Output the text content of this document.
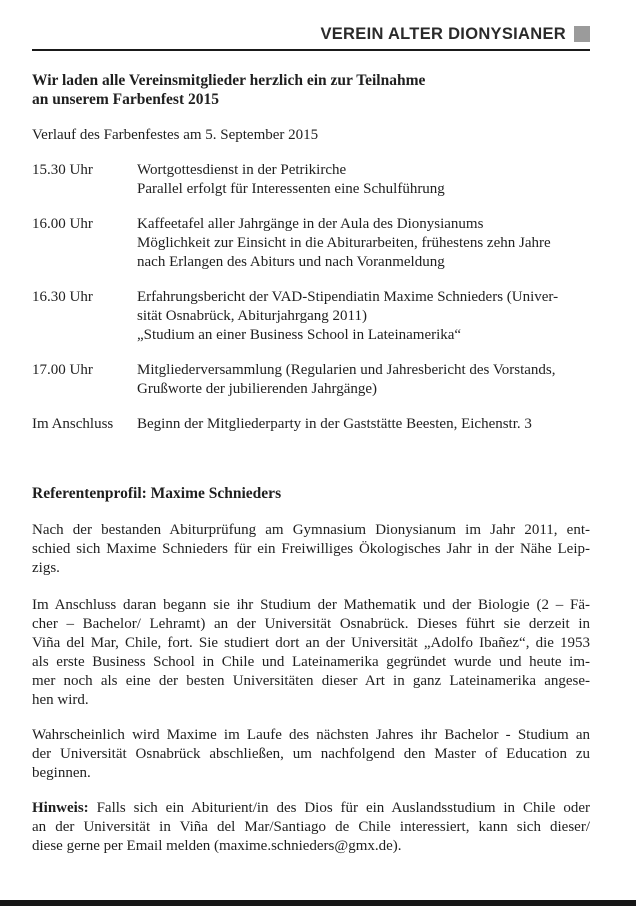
VEREIN ALTER DIONYSIANER
Wir laden alle Vereinsmitglieder herzlich ein zur Teilnahme
an unserem Farbenfest 2015
Verlauf des Farbenfestes am 5. September 2015
15.30 Uhr	Wortgottesdienst in der Petrikirche
Parallel erfolgt für Interessenten eine Schulführung
16.00 Uhr	Kaffeetafel aller Jahrgänge in der Aula des Dionysianums
Möglichkeit zur Einsicht in die Abiturarbeiten, frühestens zehn Jahre
nach Erlangen des Abiturs und nach Voranmeldung
16.30 Uhr	Erfahrungsbericht der VAD-Stipendiatin Maxime Schnieders (Univer-
sität Osnabrück, Abiturjahrgang 2011)
„Studium an einer Business School in Lateinamerika“
17.00 Uhr	Mitgliederversammlung (Regularien und Jahresbericht des Vorstands,
Grußworte der jubilierenden Jahrgänge)
Im Anschluss	Beginn der Mitgliederparty in der Gaststätte Beesten, Eichenstr. 3
Referentenprofil: Maxime Schnieders
Nach der bestanden Abiturprüfung am Gymnasium Dionysianum im Jahr 2011, ent-
schied sich Maxime Schnieders für ein Freiwilliges Ökologisches Jahr in der Nähe Leip-
zigs.
Im Anschluss daran begann sie ihr Studium der Mathematik und der Biologie (2 – Fä-
cher – Bachelor/ Lehramt) an der Universität Osnabrück. Dieses führt sie derzeit in
Viña del Mar, Chile, fort. Sie studiert dort an der Universität „Adolfo Ibañez“, die 1953
als erste Business School in Chile und Lateinamerika gegründet wurde und heute im-
mer noch als eine der besten Universitäten dieser Art in ganz Lateinamerika angese-
hen wird.
Wahrscheinlich wird Maxime im Laufe des nächsten Jahres ihr Bachelor - Studium an
der Universität Osnabrück abschließen, um nachfolgend den Master of Education zu
beginnen.
Hinweis: Falls sich ein Abiturient/in des Dios für ein Auslandsstudium in Chile oder
an der Universität in Viña del Mar/Santiago de Chile interessiert, kann sich dieser/
diese gerne per Email melden (maxime.schnieders@gmx.de).
